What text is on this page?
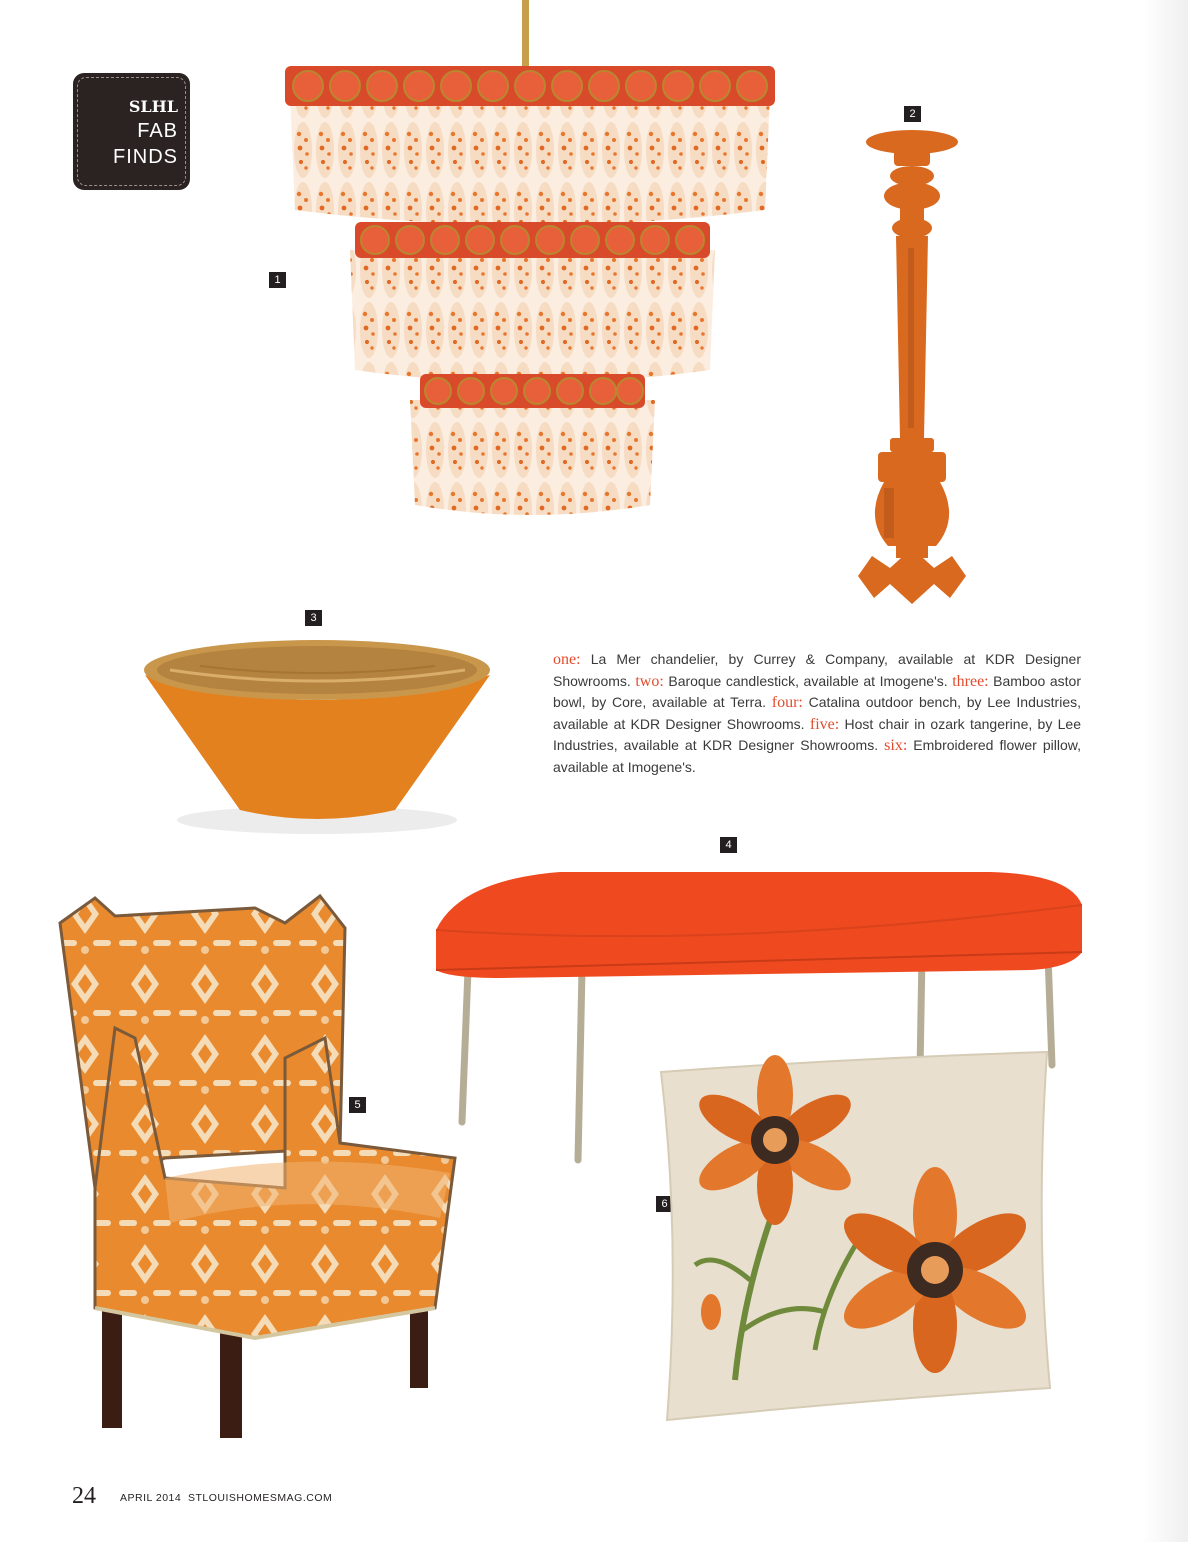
SLHL
FAB
FINDS
1
2
3
one: La Mer chandelier, by Currey & Company, available at KDR Designer Showrooms. two: Baroque candlestick, available at Imogene's. three: Bamboo astor bowl, by Core, available at Terra. four: Catalina outdoor bench, by Lee Industries, available at KDR Designer Showrooms. five: Host chair in ozark tangerine, by Lee Industries, available at KDR Designer Showrooms. six: Embroidered flower pillow, available at Imogene's.
4
5
6
24 APRIL 2014 STLOUISHOMESMAG.COM
